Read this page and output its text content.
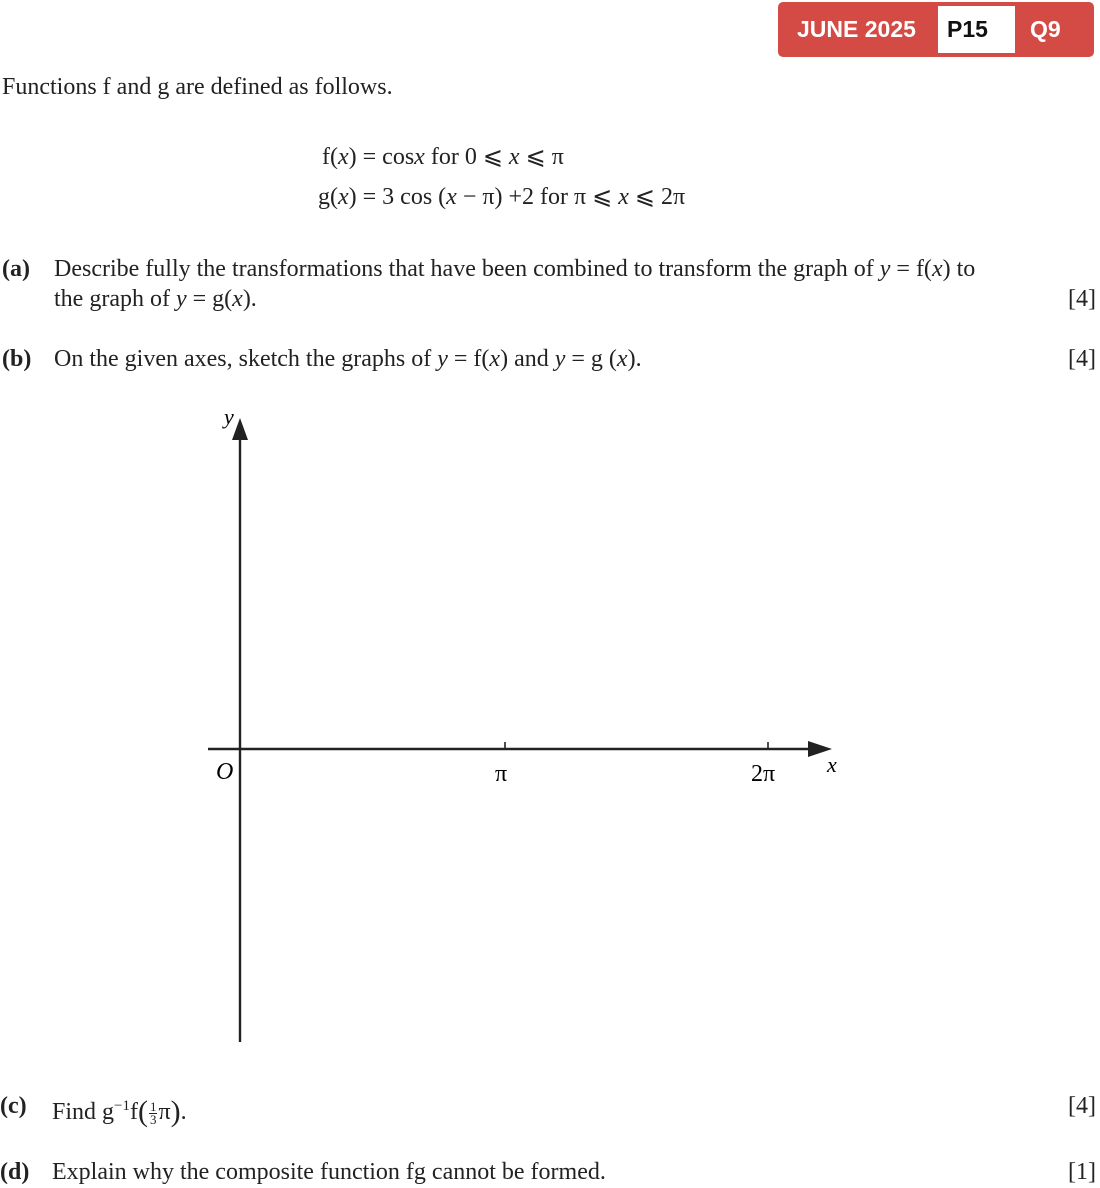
JUNE 2025 P15 Q9
Functions f and g are defined as follows.
f(x) = cosx for 0 ⩽ x ⩽ π
g(x) = 3 cos (x − π) +2 for π ⩽ x ⩽ 2π
(a) Describe fully the transformations that have been combined to transform the graph of y = f(x) to
the graph of y = g(x).	[4]
(b) On the given axes, sketch the graphs of y = f(x) and y = g (x).	[4]
y
x
O	π	2π
(c) Find $g^{-1}f( \frac{1}{3} \pi)$.	[4]
(d) Explain why the composite function fg cannot be formed.	[1]
